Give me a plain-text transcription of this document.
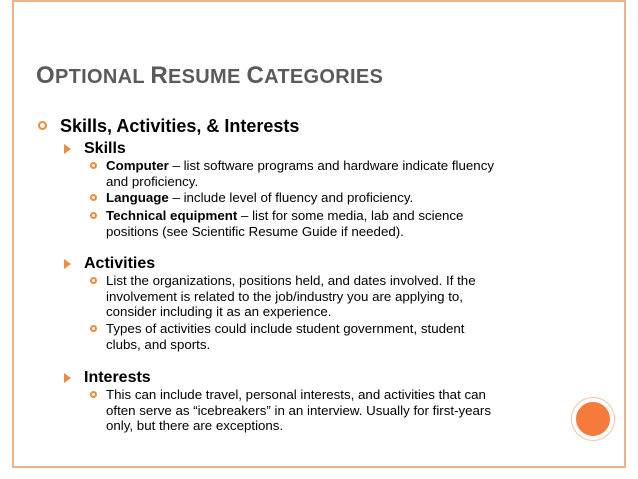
OPTIONAL RESUME CATEGORIES
Skills, Activities, & Interests
Skills
Computer – list software programs and hardware indicate fluency
and proficiency.
Language – include level of fluency and proficiency.
Technical equipment – list for some media, lab and science
positions (see Scientific Resume Guide if needed).
Activities
List the organizations, positions held, and dates involved. If the
involvement is related to the job/industry you are applying to,
consider including it as an experience.
Types of activities could include student government, student
clubs, and sports.
Interests
This can include travel, personal interests, and activities that can
often serve as “icebreakers” in an interview. Usually for first-years
only, but there are exceptions.
